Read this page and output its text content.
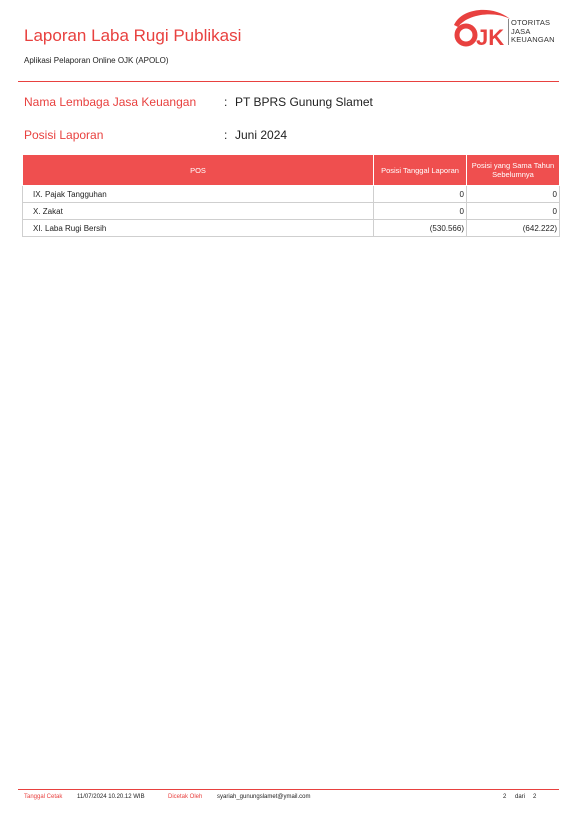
Laporan Laba Rugi Publikasi
Aplikasi Pelaporan Online OJK (APOLO)
JK
OTORITAS
JASA
KEUANGAN
Nama Lembaga Jasa Keuangan : PT BPRS Gunung Slamet
Posisi Laporan	: Juni 2024
POS	Posisi Tanggal Laporan	Posisi yang Sama Tahun Sebelumnya
IX. Pajak Tangguhan	0	0
X. Zakat	0	0
XI. Laba Rugi Bersih	(530.566)	(642.222)
Tanggal Cetak 11/07/2024 10.20.12 WIB	Dicetak Oleh syariah_gunungslamet@ymail.com	2 dari 2
